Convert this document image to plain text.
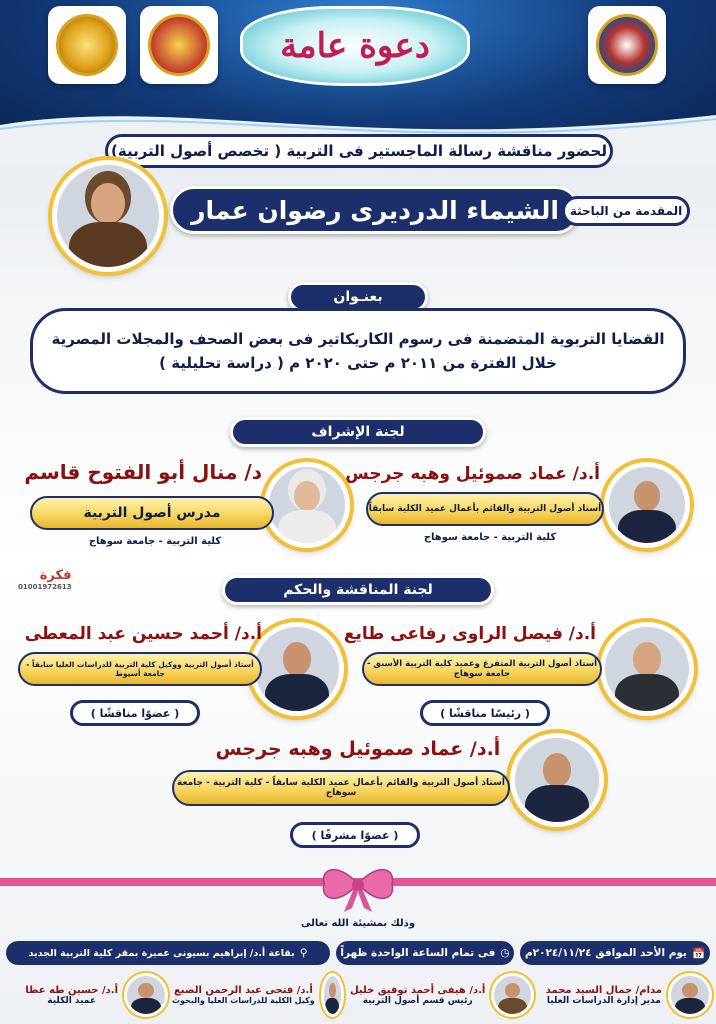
دعوة عامة
لحضور مناقشة رسالة الماجستير فى التربية ( تخصص أصول التربية)
الشيماء الدرديرى رضوان عمار المقدمة من الباحثة
بعنـوان
القضايا التربوية المتضمنة فى رسوم الكاريكاتير فى بعض الصحف والمجلات المصرية
خلال الفترة من ٢٠١١ م حتى ٢٠٢٠ م ( دراسة تحليلية )
لجنة الإشراف
أ.د/ عماد صموئيل وهبه جرجس
أستاذ أصول التربية والقائم بأعمال عميد الكلية سابقاً
كلية التربية - جامعة سوهاج
د/ منال أبو الفتوح قاسم
مدرس أصول التربية
كلية التربية - جامعة سوهاج
فكرة
01001972613	لجنة المناقشة والحكم
أ.د/ فيصل الراوى رفاعى طايع
أستاذ أصول التربية المتفرغ وعميد كلية التربية الأسبق - جامعة سوهاج
( رئيسًا مناقشًا )
أ.د/ أحمد حسين عبد المعطى
أستاذ أصول التربية ووكيل كلية التربية للدراسات العليا سابقاً - جامعة أسيوط
( عضوًا مناقشًا )
أ.د/ عماد صموئيل وهبه جرجس
أستاذ أصول التربية والقائم بأعمال عميد الكلية سابقاً - كلية التربية - جامعة سوهاج
( عضوًا مشرفًا )
وذلك بمشيئة الله تعالى
📅
يوم الأحد الموافق ٢٠٢٤/١١/٢٤م
◷
فى تمام الساعة الواحدة ظهراً
⚲
بقاعة أ.د/ إبراهيم بسيونى عميرة بمقر كلية التربية الجديد
مدام/ جمال السيد محمد
مدير إدارة الدراسات العليا
أ.د/ هيفى أحمد توفيق خليل
رئيس قسم أصول التربية
أ.د/ فتحى عبد الرحمن الضبع
وكيل الكلية للدراسات العليا والبحوث
أ.د/ حسين طه عطا
عميد الكلية
